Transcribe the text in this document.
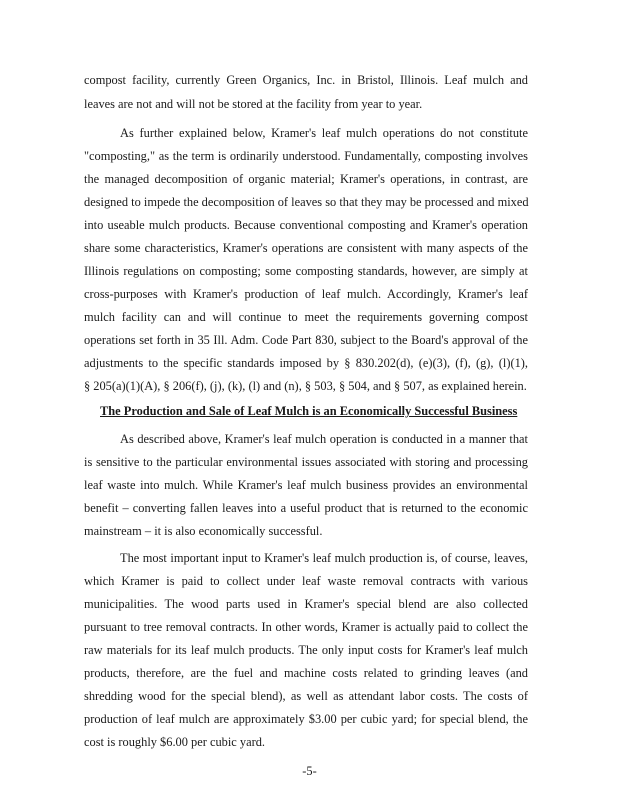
compost facility, currently Green Organics, Inc. in Bristol, Illinois. Leaf mulch and
leaves are not and will not be stored at the facility from year to year.
As further explained below, Kramer's leaf mulch operations do not constitute
"composting," as the term is ordinarily understood. Fundamentally, composting involves
the managed decomposition of organic material; Kramer's operations, in contrast, are
designed to impede the decomposition of leaves so that they may be processed and mixed
into useable mulch products. Because conventional composting and Kramer's operation
share some characteristics, Kramer's operations are consistent with many aspects of the
Illinois regulations on composting; some composting standards, however, are simply at
cross-purposes with Kramer's production of leaf mulch. Accordingly, Kramer's leaf
mulch facility can and will continue to meet the requirements governing compost
operations set forth in 35 Ill. Adm. Code Part 830, subject to the Board's approval of the
adjustments to the specific standards imposed by § 830.202(d), (e)(3), (f), (g), (l)(1),
§ 205(a)(1)(A), § 206(f), (j), (k), (l) and (n), § 503, § 504, and § 507, as explained herein.
The Production and Sale of Leaf Mulch is an Economically Successful Business
As described above, Kramer's leaf mulch operation is conducted in a manner that
is sensitive to the particular environmental issues associated with storing and processing
leaf waste into mulch. While Kramer's leaf mulch business provides an environmental
benefit – converting fallen leaves into a useful product that is returned to the economic
mainstream – it is also economically successful.
The most important input to Kramer's leaf mulch production is, of course, leaves,
which Kramer is paid to collect under leaf waste removal contracts with various
municipalities. The wood parts used in Kramer's special blend are also collected
pursuant to tree removal contracts. In other words, Kramer is actually paid to collect the
raw materials for its leaf mulch products. The only input costs for Kramer's leaf mulch
products, therefore, are the fuel and machine costs related to grinding leaves (and
shredding wood for the special blend), as well as attendant labor costs. The costs of
production of leaf mulch are approximately $3.00 per cubic yard; for special blend, the
cost is roughly $6.00 per cubic yard.
-5-
